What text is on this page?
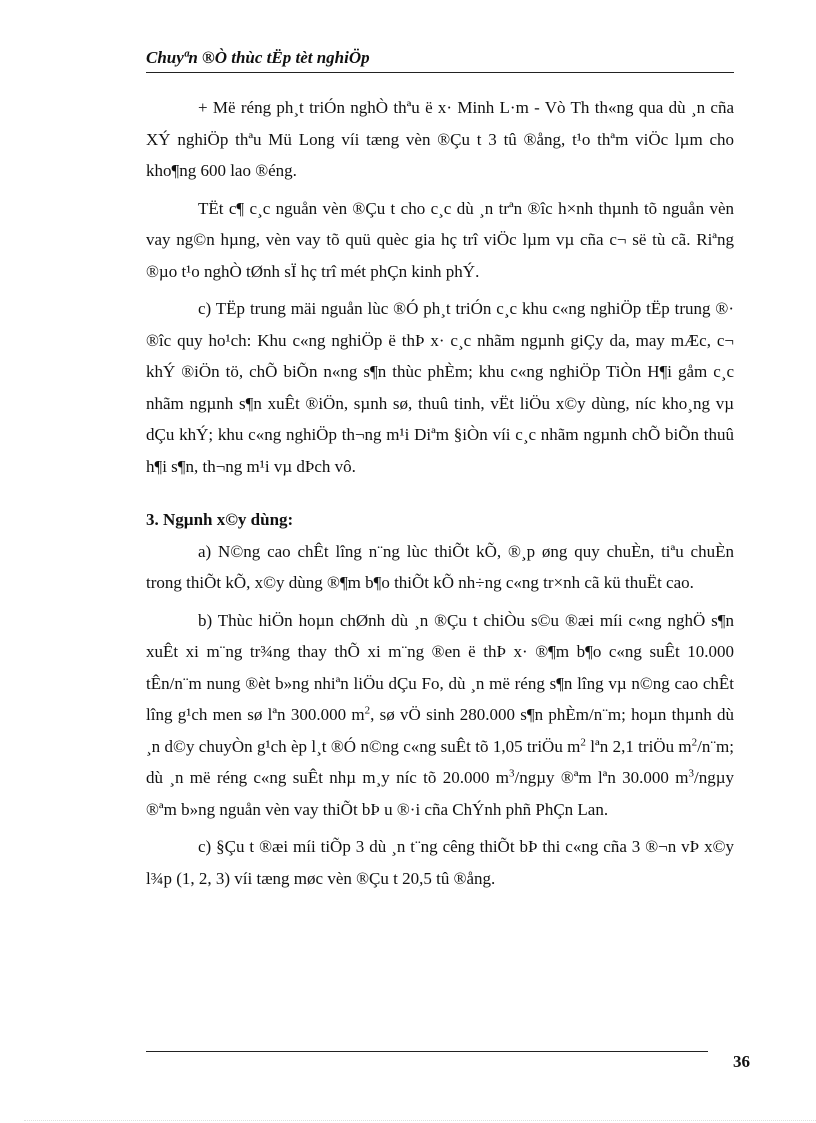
Chuyªn ®Ò thùc tËp tèt nghiÖp

+ Më réng ph¸t triÓn nghÒ thªu ë x· Minh L·m - Vò Th th«ng qua dù ¸n cña XÝ nghiÖp thªu Mü Long víi tæng vèn ®Çu t 3 tû ®ång, t¹o thªm viÖc lµm cho kho¶ng 600 lao ®éng.

TËt c¶ c¸c nguån vèn ®Çu t cho c¸c dù ¸n trªn ®îc h×nh thµnh tõ nguån vèn vay ng©n hµng, vèn vay tõ quü quèc gia hç trî viÖc lµm vµ cña c¬ së tù cã. Riªng ®µo t¹o nghÒ tØnh sÏ hç trî mét phÇn kinh phÝ.

c) TËp trung mäi nguån lùc ®Ó ph¸t triÓn c¸c khu c«ng nghiÖp tËp trung ®· ®îc quy ho¹ch: Khu c«ng nghiÖp ë thÞ x· c¸c nhãm ngµnh giÇy da, may mÆc, c¬ khÝ ®iÖn tö, chÕ biÕn n«ng s¶n thùc phÈm; khu c«ng nghiÖp TiÒn H¶i gåm c¸c nhãm ngµnh s¶n xuÊt ®iÖn, sµnh sø, thuû tinh, vËt liÖu x©y dùng, níc kho¸ng vµ dÇu khÝ; khu c«ng nghiÖp th¬ng m¹i Diªm §iÒn víi c¸c nhãm ngµnh chÕ biÕn thuû h¶i s¶n, th¬ng m¹i vµ dÞch vô.

3. Ngµnh x©y dùng:

a) N©ng cao chÊt lîng n¨ng lùc thiÕt kÕ, ®¸p øng quy chuÈn, tiªu chuÈn trong thiÕt kÕ, x©y dùng ®¶m b¶o thiÕt kÕ nh÷ng c«ng tr×nh cã kü thuËt cao.

b) Thùc hiÖn hoµn chØnh dù ¸n ®Çu t chiÒu s©u ®æi míi c«ng nghÖ s¶n xuÊt xi m¨ng tr¾ng thay thÕ xi m¨ng ®en ë thÞ x· ®¶m b¶o c«ng suÊt 10.000 tÊn/n¨m nung ®èt b»ng nhiªn liÖu dÇu Fo, dù ¸n më réng s¶n lîng vµ n©ng cao chÊt lîng g¹ch men sø lªn 300.000 $m^2$, sø vÖ sinh 280.000 s¶n phÈm/n¨m; hoµn thµnh dù ¸n d©y chuyÒn g¹ch èp l¸t ®Ó n©ng c«ng suÊt tõ 1,05 triÖu $m^2$ lªn 2,1 triÖu $m^2/n¨m$; dù ¸n më réng c«ng suÊt nhµ m¸y níc tõ 20.000 $m^3$/ngµy ®ªm lªn 30.000 $m^3$/ngµy ®ªm b»ng nguån vèn vay thiÕt bÞ u ®·i cña ChÝnh phñ PhÇn Lan.

c) §Çu t ®æi míi tiÕp 3 dù ¸n t¨ng cêng thiÕt bÞ thi c«ng cña 3 ®¬n vÞ x©y l¾p (1, 2, 3) víi tæng møc vèn ®Çu t 20,5 tû ®ång.

36
